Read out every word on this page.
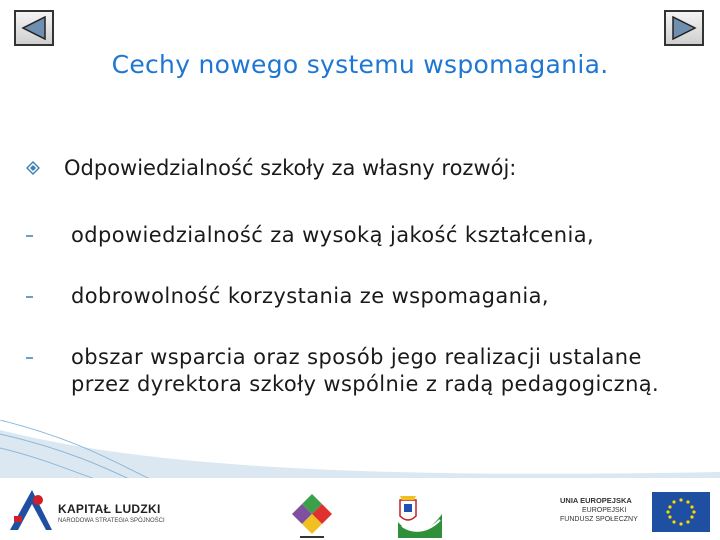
Cechy nowego systemu wspomagania.
Odpowiedzialność szkoły za własny rozwój:
odpowiedzialność za wysoką jakość kształcenia,
dobrowolność korzystania ze wspomagania,
obszar wsparcia oraz sposób jego realizacji ustalane
przez dyrektora szkoły wspólnie z radą pedagogiczną.
KAPITAŁ LUDZKI
NARODOWA STRATEGIA SPÓJNOŚCI
UNIA EUROPEJSKA
EUROPEJSKI
FUNDUSZ SPOŁECZNY
